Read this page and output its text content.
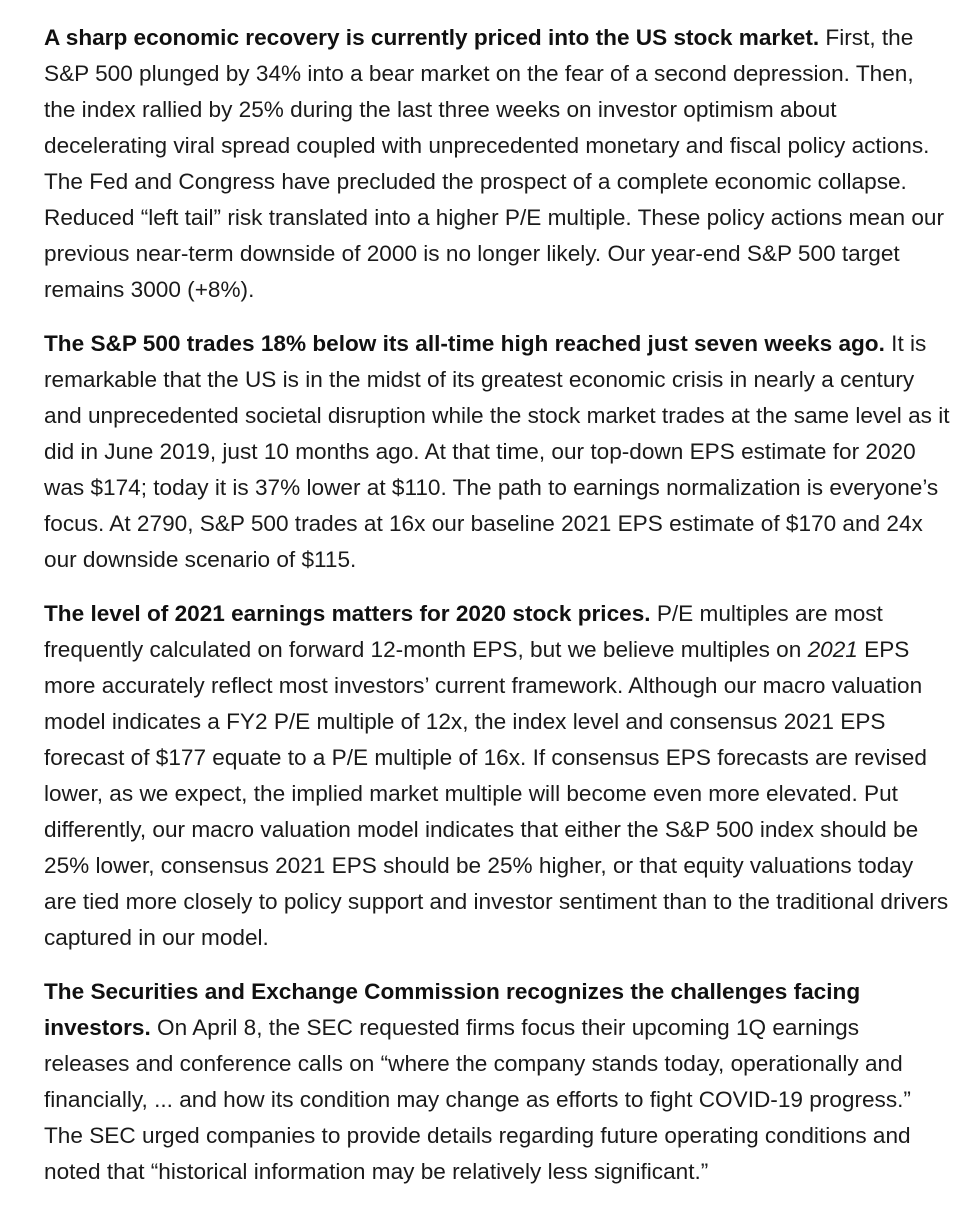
A sharp economic recovery is currently priced into the US stock market. First, the S&P 500 plunged by 34% into a bear market on the fear of a second depression. Then, the index rallied by 25% during the last three weeks on investor optimism about decelerating viral spread coupled with unprecedented monetary and fiscal policy actions. The Fed and Congress have precluded the prospect of a complete economic collapse. Reduced “left tail” risk translated into a higher P/E multiple. These policy actions mean our previous near-term downside of 2000 is no longer likely. Our year-end S&P 500 target remains 3000 (+8%).

The S&P 500 trades 18% below its all-time high reached just seven weeks ago. It is remarkable that the US is in the midst of its greatest economic crisis in nearly a century and unprecedented societal disruption while the stock market trades at the same level as it did in June 2019, just 10 months ago. At that time, our top-down EPS estimate for 2020 was $174; today it is 37% lower at $110. The path to earnings normalization is everyone’s focus. At 2790, S&P 500 trades at 16x our baseline 2021 EPS estimate of $170 and 24x our downside scenario of $115.

The level of 2021 earnings matters for 2020 stock prices. P/E multiples are most frequently calculated on forward 12-month EPS, but we believe multiples on 2021 EPS more accurately reflect most investors’ current framework. Although our macro valuation model indicates a FY2 P/E multiple of 12x, the index level and consensus 2021 EPS forecast of $177 equate to a P/E multiple of 16x. If consensus EPS forecasts are revised lower, as we expect, the implied market multiple will become even more elevated. Put differently, our macro valuation model indicates that either the S&P 500 index should be 25% lower, consensus 2021 EPS should be 25% higher, or that equity valuations today are tied more closely to policy support and investor sentiment than to the traditional drivers captured in our model.

The Securities and Exchange Commission recognizes the challenges facing investors. On April 8, the SEC requested firms focus their upcoming 1Q earnings releases and conference calls on “where the company stands today, operationally and financially, ... and how its condition may change as efforts to fight COVID-19 progress.” The SEC urged companies to provide details regarding future operating conditions and noted that “historical information may be relatively less significant.”
